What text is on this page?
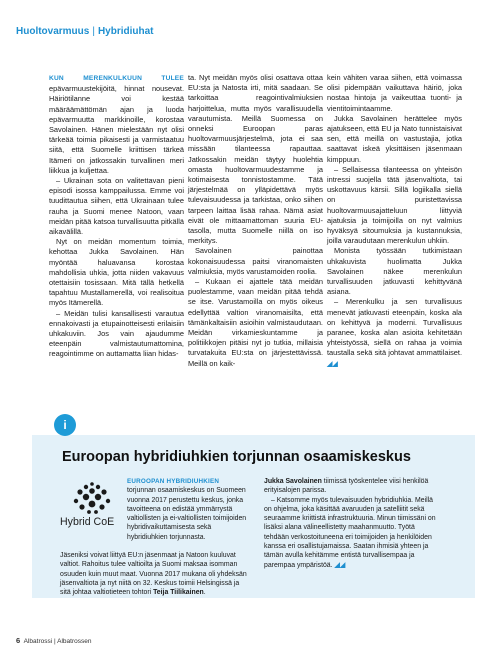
Huoltovarmuus | Hybridiuhat

KUN MERENKULKUUN TULEE epävarmuustekijöitä, hinnat nousevat. Häiriötilanne voi kestää määräämättömän ajan ja luoda epävarmuutta markkinoille, korostaa Savolainen. Hänen mielestään nyt olisi tärkeää toimia pikaisesti ja varmistaatuu siitä, että Suomelle kriittisen tärkeä Itämeri on jatkossakin turvallinen meri liikkua ja kuljettaa.

– Ukrainan sota on valitettavan pieni episodi isossa kamppailussa. Emme voi tuudittautua siihen, että Ukrainaan tulee rauha ja Suomi menee Natoon, vaan meidän pitää katsoa turvallisuutta pitkällä aikavälillä.

Nyt on meidän momentum toimia, kehottaa Jukka Savolainen. Hän myöntää haluavansa korostaa mahdollisia uhkia, jotta niiden vakavuus otettaisiin tosissaan. Mitä tällä hetkellä tapahtuu Mustallamerellä, voi realisoitua myös Itämerellä.

– Meidän tulisi kansallisesti varautua ennakoivasti ja etupainotteisesti erilaisiin uhkakuviin. Jos vain ajaudumme eteenpäin valmistautumattomina, reagointimme on auttamatta liian hidas-

ta. Nyt meidän myös olisi osattava ottaa EU:sta ja Natosta irti, mitä saadaan. Se tarkoittaa reagointivalmiuksien harjoittelua, mutta myös varallisuudella varautumista. Meillä Suomessa on onneksi Euroopan paras huoltovarmuusjärjestelmä, jota ei saa missään tilanteessa rapauttaa. Jatkossakin meidän täytyy huolehtia omasta huoltovarmuudestamme ja kotimaisesta tonnistostamme. Tätä järjestelmää on ylläpidettävä myös tulevaisuudessa ja tarkistaa, onko siihen tarpeen laittaa lisää rahaa. Nämä asiat eivät ole mittaamattoman suuria EU-tasolla, mutta Suomelle niillä on iso merkitys.

Savolainen painottaa kokonaisuudessa paitsi viranomaisten valmiuksia, myös varustamoiden roolia.

– Kukaan ei ajattele tätä meidän puolestamme, vaan meidän pitää tehdä se itse. Varustamoilla on myös oikeus edellyttää valtion viranomaisilta, että tämänkaltaisiin asioihin valmistaudutaan. Meidän virkamieskuntamme ja politiikkojen pitäisi nyt jo tutkia, millaisia turvatakuita EU:sta on järjestettävissä. Meillä on kaik-

kein vähiten varaa siihen, että voimassa olisi pidempään vaikuttava häiriö, joka nostaa hintoja ja vaikeuttaa tuonti- ja vientitoimintaamme.

Jukka Savolainen herättelee myös ajatukseen, että EU ja Nato tunnistaisivat sen, että meillä on vastustajia, jotka saattavat iskeä yksittäisen jäsenmaan kimppuun.

– Sellaisessa tilanteessa on yhteisön intressi suojella tätä jäsenvaltiota, tai uskottavuus kärsii. Sillä logiikalla siellä on puristettavissa huoltovarmuusajatteluun liittyviä ajatuksia ja toimijoilla on nyt valmius hyväksyä sitoumuksia ja kustannuksia, joilla varaudutaan merenkulun uhkiin.

Monista työssään tutkimistaan uhkakuvista huolimatta Jukka Savolainen näkee merenkulun turvallisuuden jatkuvasti kehittyvänä asiana.

– Merenkulku ja sen turvallisuus menevät jatkuvasti eteenpäin, koska ala on kehittyvä ja moderni. Turvallisuus paranee, koska alan asioita kehitetään yhteistyössä, siellä on rahaa ja voimia taustalla sekä sitä johtavat ammattilaiset. ◢◢

i
Euroopan hybridiuhkien torjunnan osaamiskeskus
Hybrid CoE

EUROOPAN HYBRIDIUHKIEN torjunnan osaamiskeskus on Suomeen vuonna 2017 perustettu keskus, jonka tavoitteena on edistää ymmärrystä valtiollisten ja ei-valtiollisten toimijoiden hybridivaikuttamisesta sekä hybridiuhkien torjunnasta.

Jäseniksi voivat liittyä EU:n jäsenmaat ja Natoon kuuluvat valtiot. Rahoitus tulee valtioilta ja Suomi maksaa isomman osuuden kuin muut maat. Vuonna 2017 mukana oli yhdeksän jäsenvaltiota ja nyt niitä on 32. Keskus toimii Helsingissä ja sitä johtaa valtiotieteen tohtori Teija Tiilikainen.

Jukka Savolainen tiimissä työskentelee viisi henkilöä erityisalojen parissa.

– Katsomme myös tulevaisuuden hybridiuhkia. Meillä on ohjelma, joka käsittää avaruuden ja satelliitit sekä seuraamme kriittistä infrastruktuuria. Minun tiimissäni on lisäksi alana välineellistetty maahanmuutto. Työtä tehdään verkostoituneena eri toimijoiden ja henkilöiden kanssa eri osallistujamaissa. Saatan ihmisiä yhteen ja tämän avulla kehitämme entistä turvallisempaa ja parempaa ympäristöä. ◢◢

6 Albatrossi | Albatrossen
